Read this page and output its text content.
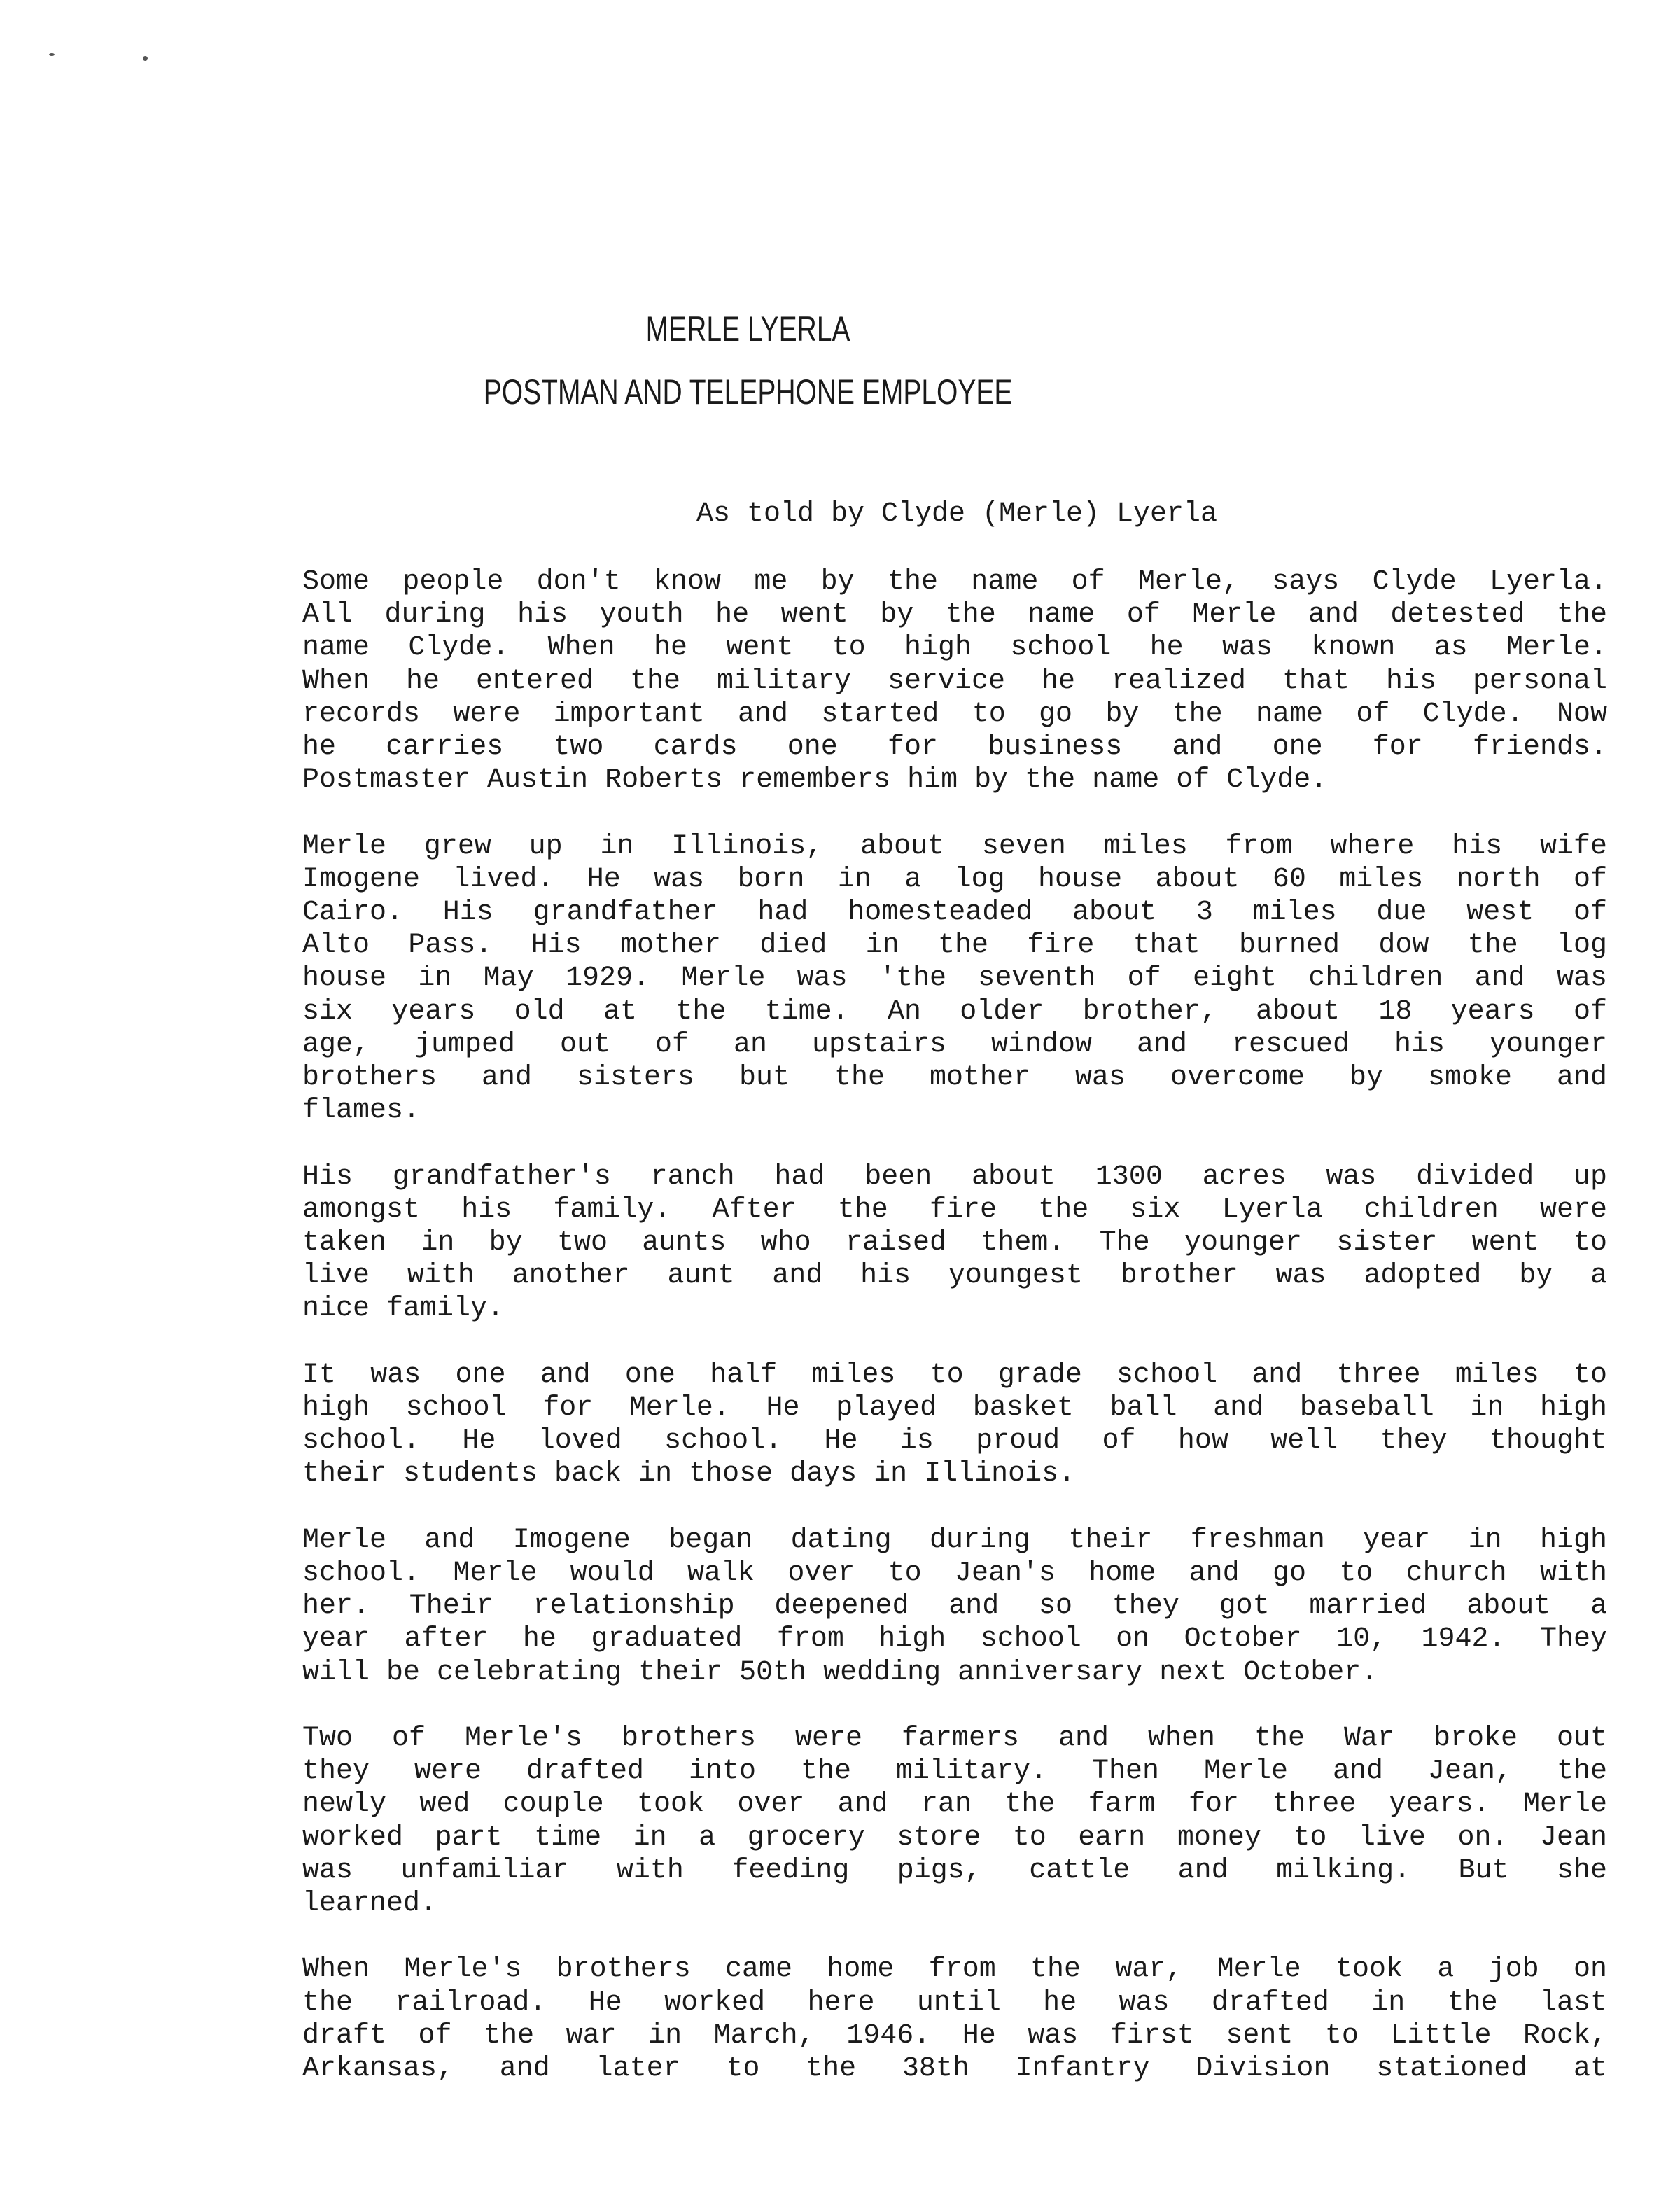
MERLE LYERLA
POSTMAN AND TELEPHONE EMPLOYEE
As told by Clyde (Merle) Lyerla
Some people don't know me by the name of Merle, says Clyde Lyerla.
All during his youth he went by the name of Merle and detested the
name Clyde. When he went to high school he was known as Merle.
When he entered the military service he realized that his personal
records were important and started to go by the name of Clyde. Now
he carries two cards one for business and one for friends.
Postmaster Austin Roberts remembers him by the name of Clyde.
Merle grew up in Illinois, about seven miles from where his wife
Imogene lived. He was born in a log house about 60 miles north of
Cairo. His grandfather had homesteaded about 3 miles due west of
Alto Pass. His mother died in the fire that burned dow the log
house in May 1929. Merle was 'the seventh of eight children and was
six years old at the time. An older brother, about 18 years of
age, jumped out of an upstairs window and rescued his younger
brothers and sisters but the mother was overcome by smoke and
flames.
His grandfather's ranch had been about 1300 acres was divided up
amongst his family. After the fire the six Lyerla children were
taken in by two aunts who raised them. The younger sister went to
live with another aunt and his youngest brother was adopted by a
nice family.
It was one and one half miles to grade school and three miles to
high school for Merle. He played basket ball and baseball in high
school. He loved school. He is proud of how well they thought
their students back in those days in Illinois.
Merle and Imogene began dating during their freshman year in high
school. Merle would walk over to Jean's home and go to church with
her. Their relationship deepened and so they got married about a
year after he graduated from high school on October 10, 1942. They
will be celebrating their 50th wedding anniversary next October.
Two of Merle's brothers were farmers and when the War broke out
they were drafted into the military. Then Merle and Jean, the
newly wed couple took over and ran the farm for three years. Merle
worked part time in a grocery store to earn money to live on. Jean
was unfamiliar with feeding pigs, cattle and milking. But she
learned.
When Merle's brothers came home from the war, Merle took a job on
the railroad. He worked here until he was drafted in the last
draft of the war in March, 1946. He was first sent to Little Rock,
Arkansas, and later to the 38th Infantry Division stationed at
